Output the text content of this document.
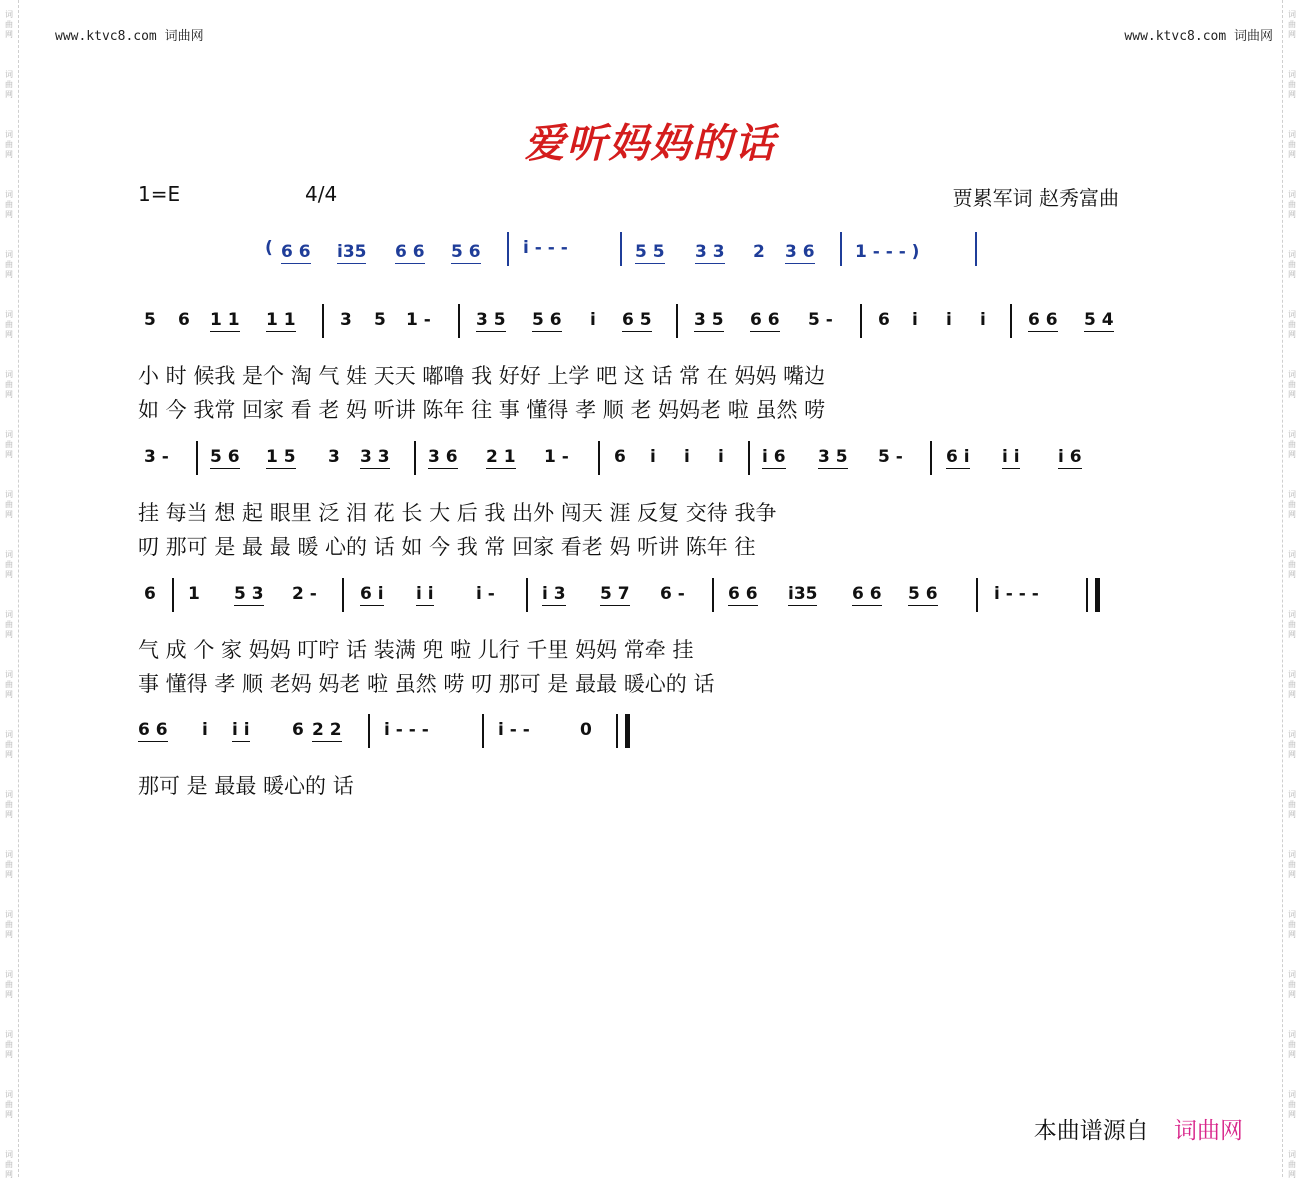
词
曲
网
词
曲
网
词
曲
网
词
曲
网
词
曲
网
词
曲
网
词
曲
网
词
曲
网
词
曲
网
词
曲
网
词
曲
网
词
曲
网
词
曲
网
词
曲
网
词
曲
网
词
曲
网
词
曲
网
词
曲
网
词
曲
网
词
曲
网
词
曲
网
词
曲
网
词
曲
网
词
曲
网
词
曲
网
词
曲
网
词
曲
网
词
曲
网
词
曲
网
词
曲
网
词
曲
网
词
曲
网
词
曲
网
词
曲
网
词
曲
网
词
曲
网
词
曲
网
词
曲
网
词
曲
网
词
曲
网
www.ktvc8.com 词曲网	www.ktvc8.com 词曲网
爱听妈妈的话
1=E	4/4	贾累军词 赵秀富曲
( 6 6 i35 6 6 5 6 i - - -	5 5 3 3 2 3 6 1 - - - )
5 6 1 1 1 1	3 5 1 -	3 5 5 6 i 6 5 3 5 6 6 5 -	6 i i i 6 6 5 4
小 时 候我 是个 淘 气 娃 天天 嘟噜 我 好好 上学 吧 这 话 常 在 妈妈 嘴边
如 今 我常 回家 看 老 妈 听讲 陈年 往 事 懂得 孝 顺 老 妈妈老 啦 虽然 唠
3 - 5 6 1 5 3 3 3 3 6 2 1 1 -	6 i i i i 6 3 5 5 -	6 i i i i 6
挂 每当 想 起 眼里 泛 泪 花 长 大 后 我 出外 闯天 涯 反复 交待 我争
叨 那可 是 最 最 暖 心的 话 如 今 我 常 回家 看老 妈 听讲 陈年 往
6 1 5 3 2 -	6 i i i i -	i 3 5 7 6 -	6 6 i35 6 6 5 6	i - - -
气 成 个 家 妈妈 叮咛 话 装满 兜 啦 儿行 千里 妈妈 常牵 挂
事 懂得 孝 顺 老妈 妈老 啦 虽然 唠 叨 那可 是 最最 暖心的 话
6 6 i i i 6 2 2 i - - -	i - -	0
那可 是 最最 暖心的 话
本曲谱源自 词曲网
